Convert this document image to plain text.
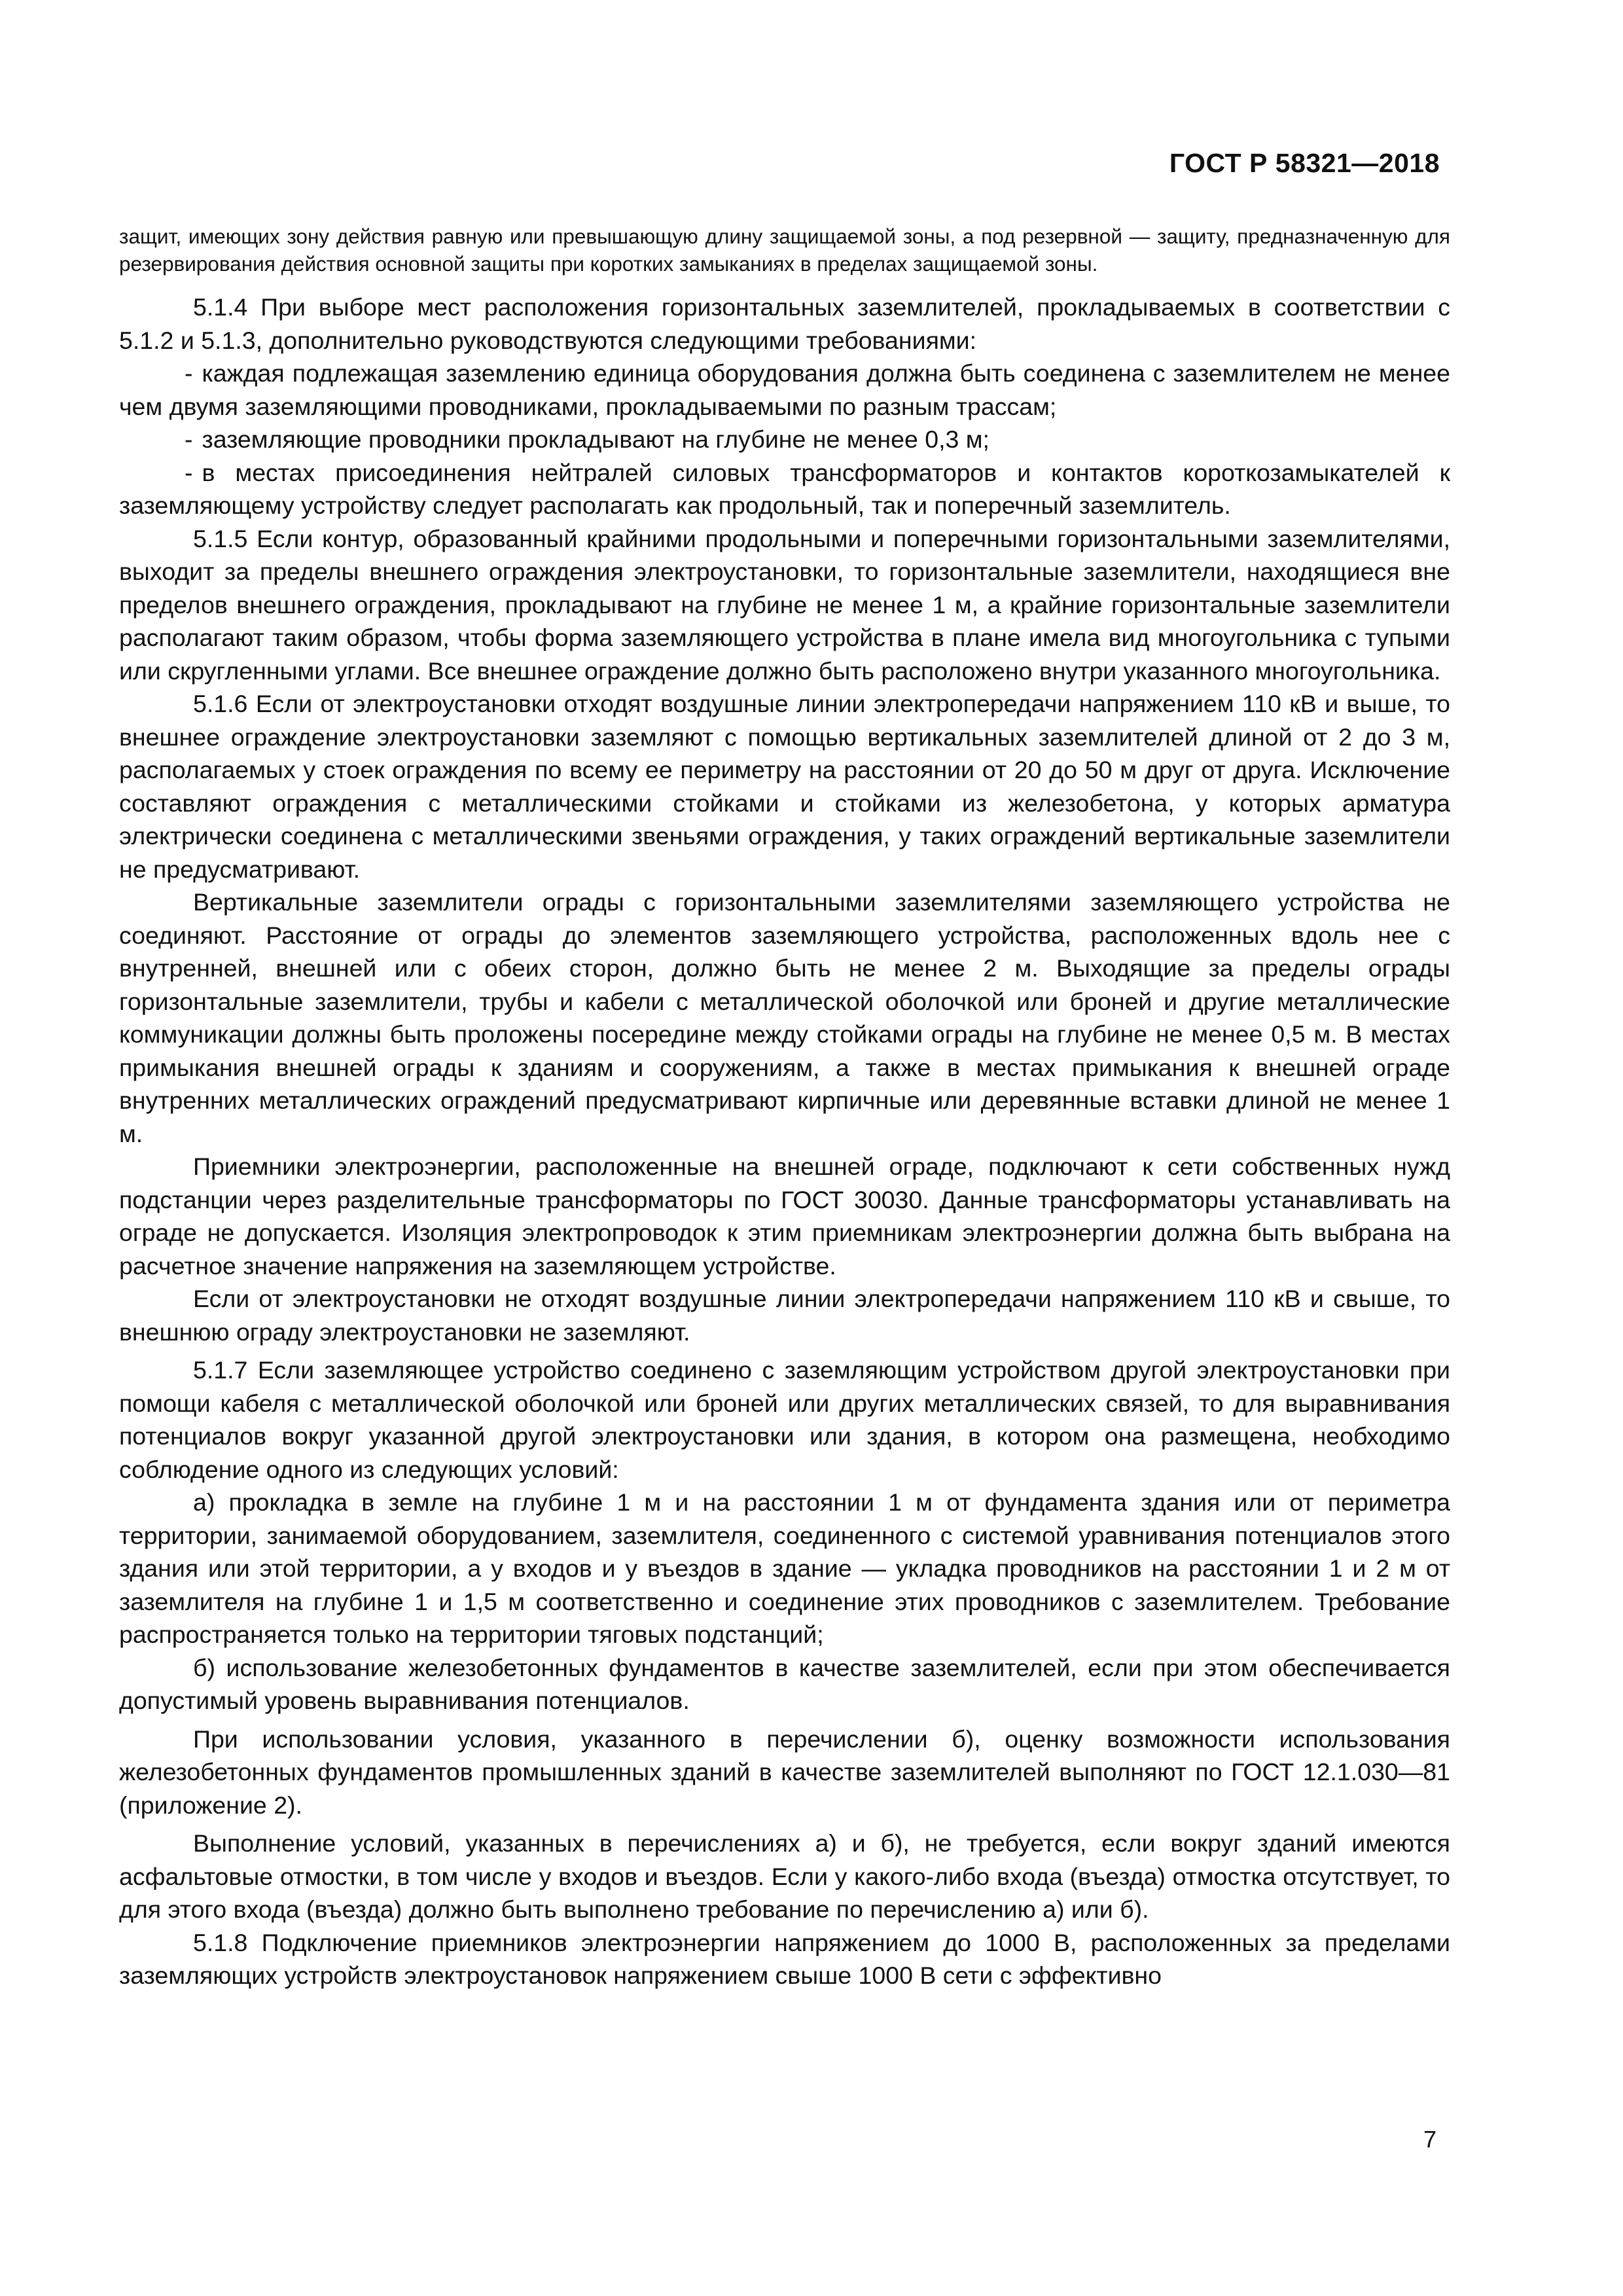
ГОСТ Р 58321—2018

защит, имеющих зону действия равную или превышающую длину защищаемой зоны, а под резервной — защиту, предназначенную для резервирования действия основной защиты при коротких замыканиях в пределах защищаемой зоны.

5.1.4 При выборе мест расположения горизонтальных заземлителей, прокладываемых в соответствии с 5.1.2 и 5.1.3, дополнительно руководствуются следующими требованиями:

- каждая подлежащая заземлению единица оборудования должна быть соединена с заземлителем не менее чем двумя заземляющими проводниками, прокладываемыми по разным трассам;

- заземляющие проводники прокладывают на глубине не менее 0,3 м;

- в местах присоединения нейтралей силовых трансформаторов и контактов короткозамыкателей к заземляющему устройству следует располагать как продольный, так и поперечный заземлитель.

5.1.5 Если контур, образованный крайними продольными и поперечными горизонтальными заземлителями, выходит за пределы внешнего ограждения электроустановки, то горизонтальные заземлители, находящиеся вне пределов внешнего ограждения, прокладывают на глубине не менее 1 м, а крайние горизонтальные заземлители располагают таким образом, чтобы форма заземляющего устройства в плане имела вид многоугольника с тупыми или скругленными углами. Все внешнее ограждение должно быть расположено внутри указанного многоугольника.

5.1.6 Если от электроустановки отходят воздушные линии электропередачи напряжением 110 кВ и выше, то внешнее ограждение электроустановки заземляют с помощью вертикальных заземлителей длиной от 2 до 3 м, располагаемых у стоек ограждения по всему ее периметру на расстоянии от 20 до 50 м друг от друга. Исключение составляют ограждения с металлическими стойками и стойками из железобетона, у которых арматура электрически соединена с металлическими звеньями ограждения, у таких ограждений вертикальные заземлители не предусматривают.

Вертикальные заземлители ограды с горизонтальными заземлителями заземляющего устройства не соединяют. Расстояние от ограды до элементов заземляющего устройства, расположенных вдоль нее с внутренней, внешней или с обеих сторон, должно быть не менее 2 м. Выходящие за пределы ограды горизонтальные заземлители, трубы и кабели с металлической оболочкой или броней и другие металлические коммуникации должны быть проложены посередине между стойками ограды на глубине не менее 0,5 м. В местах примыкания внешней ограды к зданиям и сооружениям, а также в местах примыкания к внешней ограде внутренних металлических ограждений предусматривают кирпичные или деревянные вставки длиной не менее 1 м.

Приемники электроэнергии, расположенные на внешней ограде, подключают к сети собственных нужд подстанции через разделительные трансформаторы по ГОСТ 30030. Данные трансформаторы устанавливать на ограде не допускается. Изоляция электропроводок к этим приемникам электроэнергии должна быть выбрана на расчетное значение напряжения на заземляющем устройстве.

Если от электроустановки не отходят воздушные линии электропередачи напряжением 110 кВ и свыше, то внешнюю ограду электроустановки не заземляют.

5.1.7 Если заземляющее устройство соединено с заземляющим устройством другой электроустановки при помощи кабеля с металлической оболочкой или броней или других металлических связей, то для выравнивания потенциалов вокруг указанной другой электроустановки или здания, в котором она размещена, необходимо соблюдение одного из следующих условий:

а) прокладка в земле на глубине 1 м и на расстоянии 1 м от фундамента здания или от периметра территории, занимаемой оборудованием, заземлителя, соединенного с системой уравнивания потенциалов этого здания или этой территории, а у входов и у въездов в здание — укладка проводников на расстоянии 1 и 2 м от заземлителя на глубине 1 и 1,5 м соответственно и соединение этих проводников с заземлителем. Требование распространяется только на территории тяговых подстанций;

б) использование железобетонных фундаментов в качестве заземлителей, если при этом обеспечивается допустимый уровень выравнивания потенциалов.

При использовании условия, указанного в перечислении б), оценку возможности использования железобетонных фундаментов промышленных зданий в качестве заземлителей выполняют по ГОСТ 12.1.030—81 (приложение 2).

Выполнение условий, указанных в перечислениях а) и б), не требуется, если вокруг зданий имеются асфальтовые отмостки, в том числе у входов и въездов. Если у какого-либо входа (въезда) отмостка отсутствует, то для этого входа (въезда) должно быть выполнено требование по перечислению а) или б).

5.1.8 Подключение приемников электроэнергии напряжением до 1000 В, расположенных за пределами заземляющих устройств электроустановок напряжением свыше 1000 В сети с эффективно

7
